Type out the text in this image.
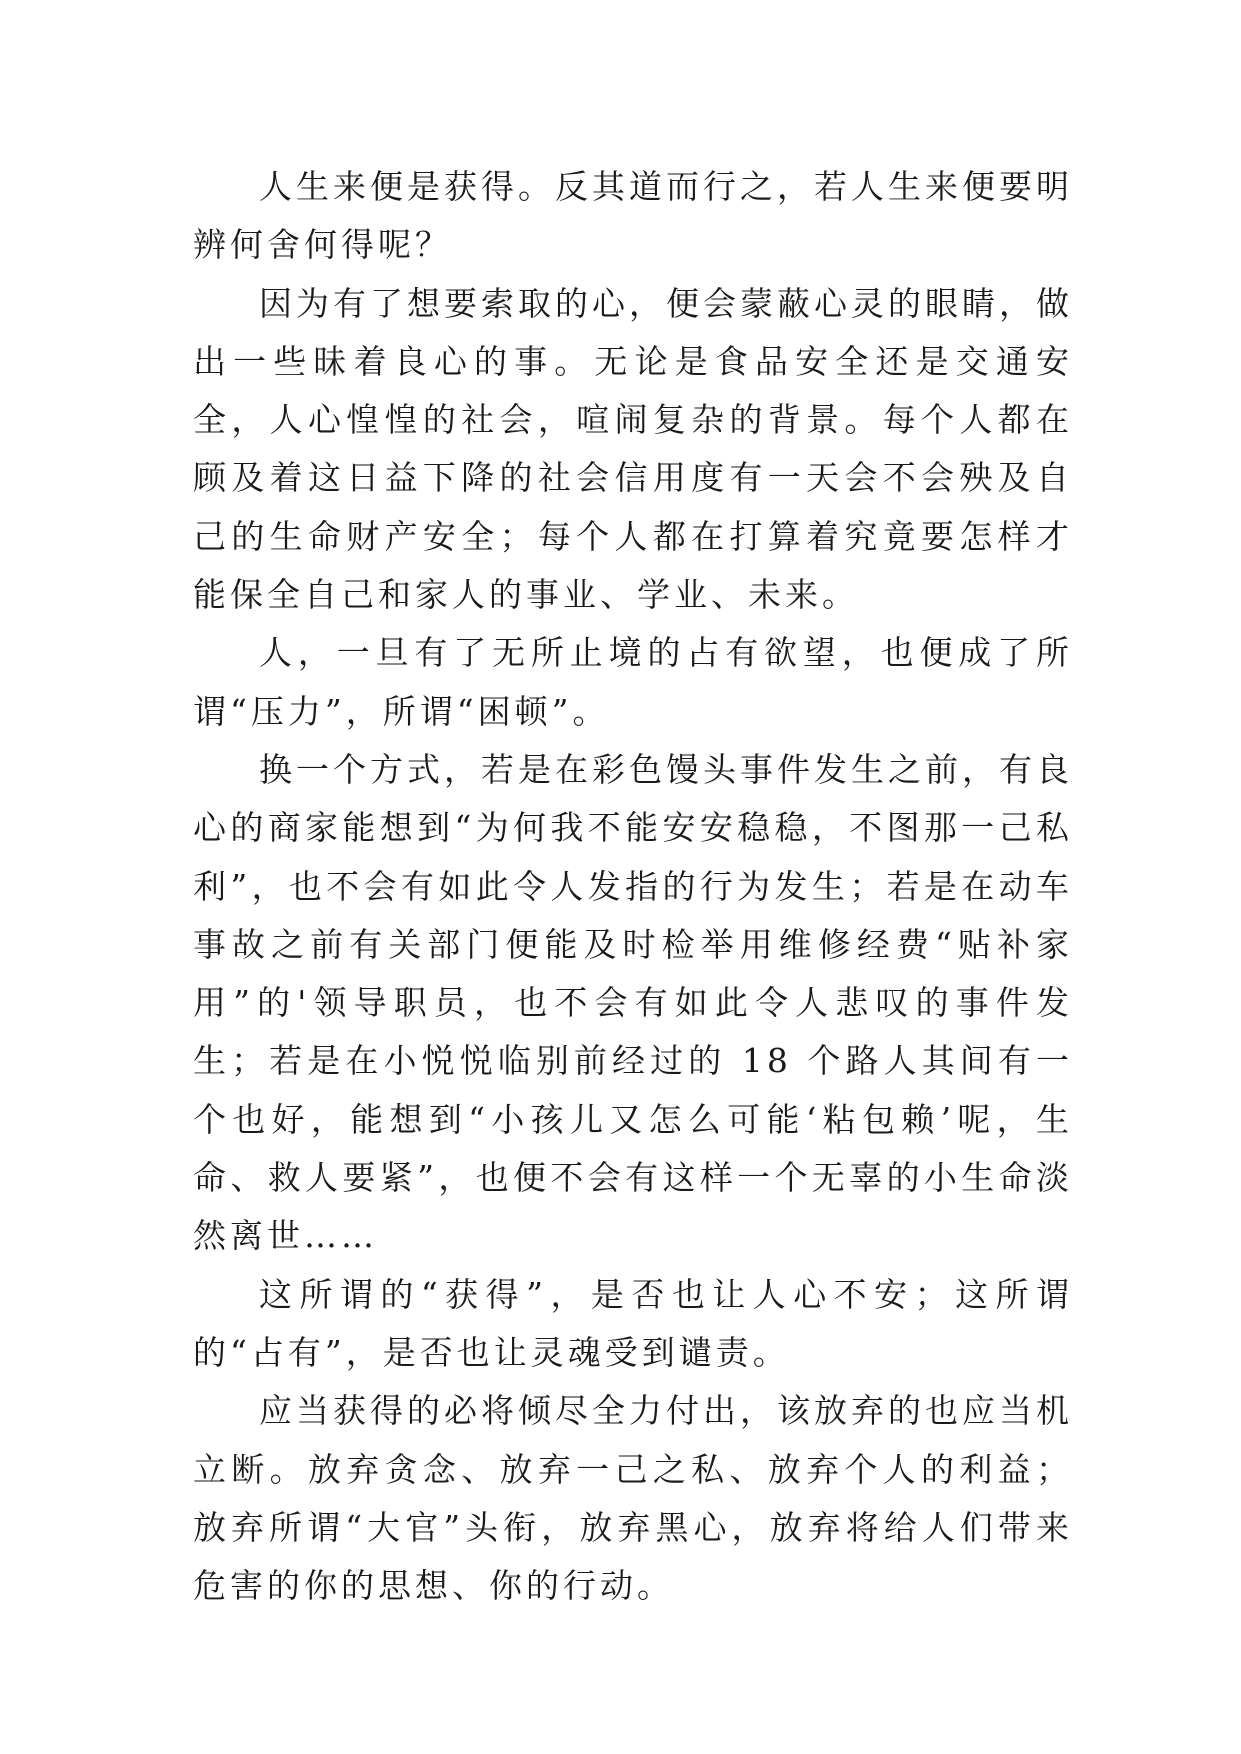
人生来便是获得。反其道而行之，若人生来便要明辨何舍何得呢？

因为有了想要索取的心，便会蒙蔽心灵的眼睛，做出一些昧着良心的事。无论是食品安全还是交通安全，人心惶惶的社会，喧闹复杂的背景。每个人都在顾及着这日益下降的社会信用度有一天会不会殃及自己的生命财产安全；每个人都在打算着究竟要怎样才能保全自己和家人的事业、学业、未来。

人，一旦有了无所止境的占有欲望，也便成了所谓“压力”，所谓“困顿”。

换一个方式，若是在彩色馒头事件发生之前，有良心的商家能想到“为何我不能安安稳稳，不图那一己私利”，也不会有如此令人发指的行为发生；若是在动车事故之前有关部门便能及时检举用维修经费“贴补家用”的'领导职员，也不会有如此令人悲叹的事件发生；若是在小悦悦临别前经过的 18 个路人其间有一个也好，能想到“小孩儿又怎么可能‘粘包赖’呢，生命、救人要紧”，也便不会有这样一个无辜的小生命淡然离世……

这所谓的“获得”，是否也让人心不安；这所谓的“占有”，是否也让灵魂受到谴责。

应当获得的必将倾尽全力付出，该放弃的也应当机立断。放弃贪念、放弃一己之私、放弃个人的利益；放弃所谓“大官”头衔，放弃黑心，放弃将给人们带来危害的你的思想、你的行动。
